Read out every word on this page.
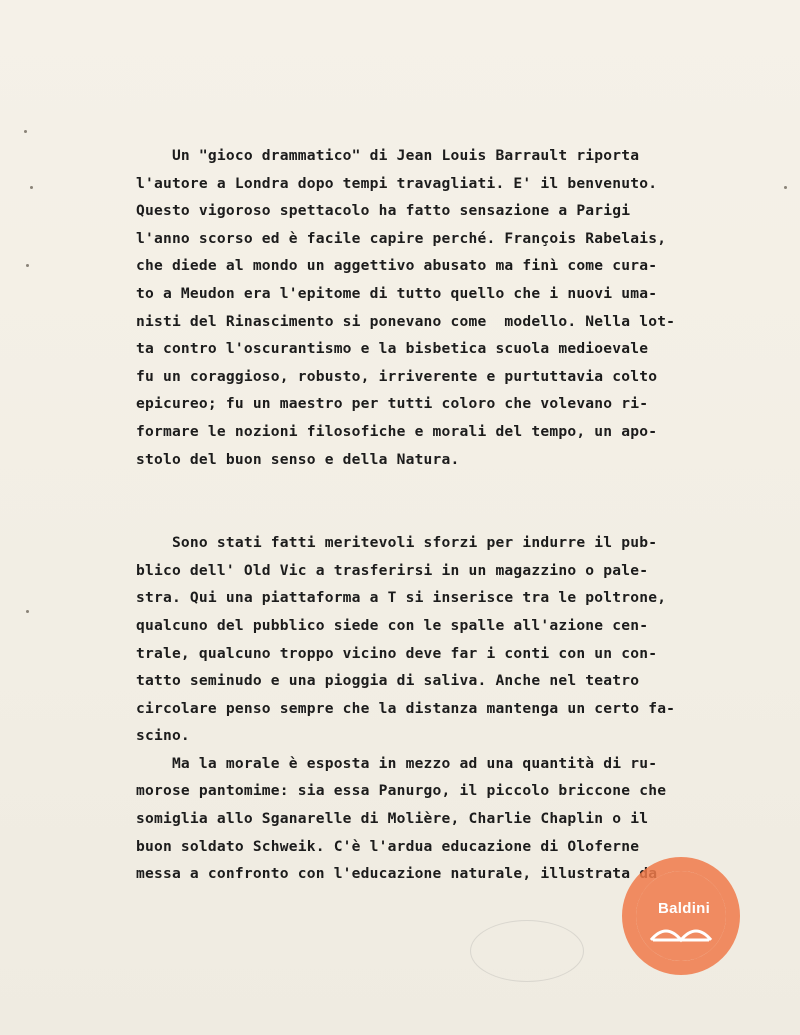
Un "gioco drammatico" di Jean Louis Barrault riporta
l'autore a Londra dopo tempi travagliati. E' il benvenuto.
Questo vigoroso spettacolo ha fatto sensazione a Parigi
l'anno scorso ed è facile capire perché. François Rabelais,
che diede al mondo un aggettivo abusato ma finì come cura-
to a Meudon era l'epitome di tutto quello che i nuovi uma-
nisti del Rinascimento si ponevano come  modello. Nella lot-
ta contro l'oscurantismo e la bisbetica scuola medioevale
fu un coraggioso, robusto, irriverente e purtuttavia colto
epicureo; fu un maestro per tutti coloro che volevano ri-
formare le nozioni filosofiche e morali del tempo, un apo-
stolo del buon senso e della Natura.
Sono stati fatti meritevoli sforzi per indurre il pub-
blico dell' Old Vic a trasferirsi in un magazzino o pale-
stra. Qui una piattaforma a T si inserisce tra le poltrone,
qualcuno del pubblico siede con le spalle all'azione cen-
trale, qualcuno troppo vicino deve far i conti con un con-
tatto seminudo e una pioggia di saliva. Anche nel teatro
circolare penso sempre che la distanza mantenga un certo fa-
scino.
Ma la morale è esposta in mezzo ad una quantità di ru-
morose pantomime: sia essa Panurgo, il piccolo briccone che
somiglia allo Sganarelle di Molière, Charlie Chaplin o il
buon soldato Schweik. C'è l'ardua educazione di Oloferne
messa a confronto con l'educazione naturale, illustrata da
Baldini
